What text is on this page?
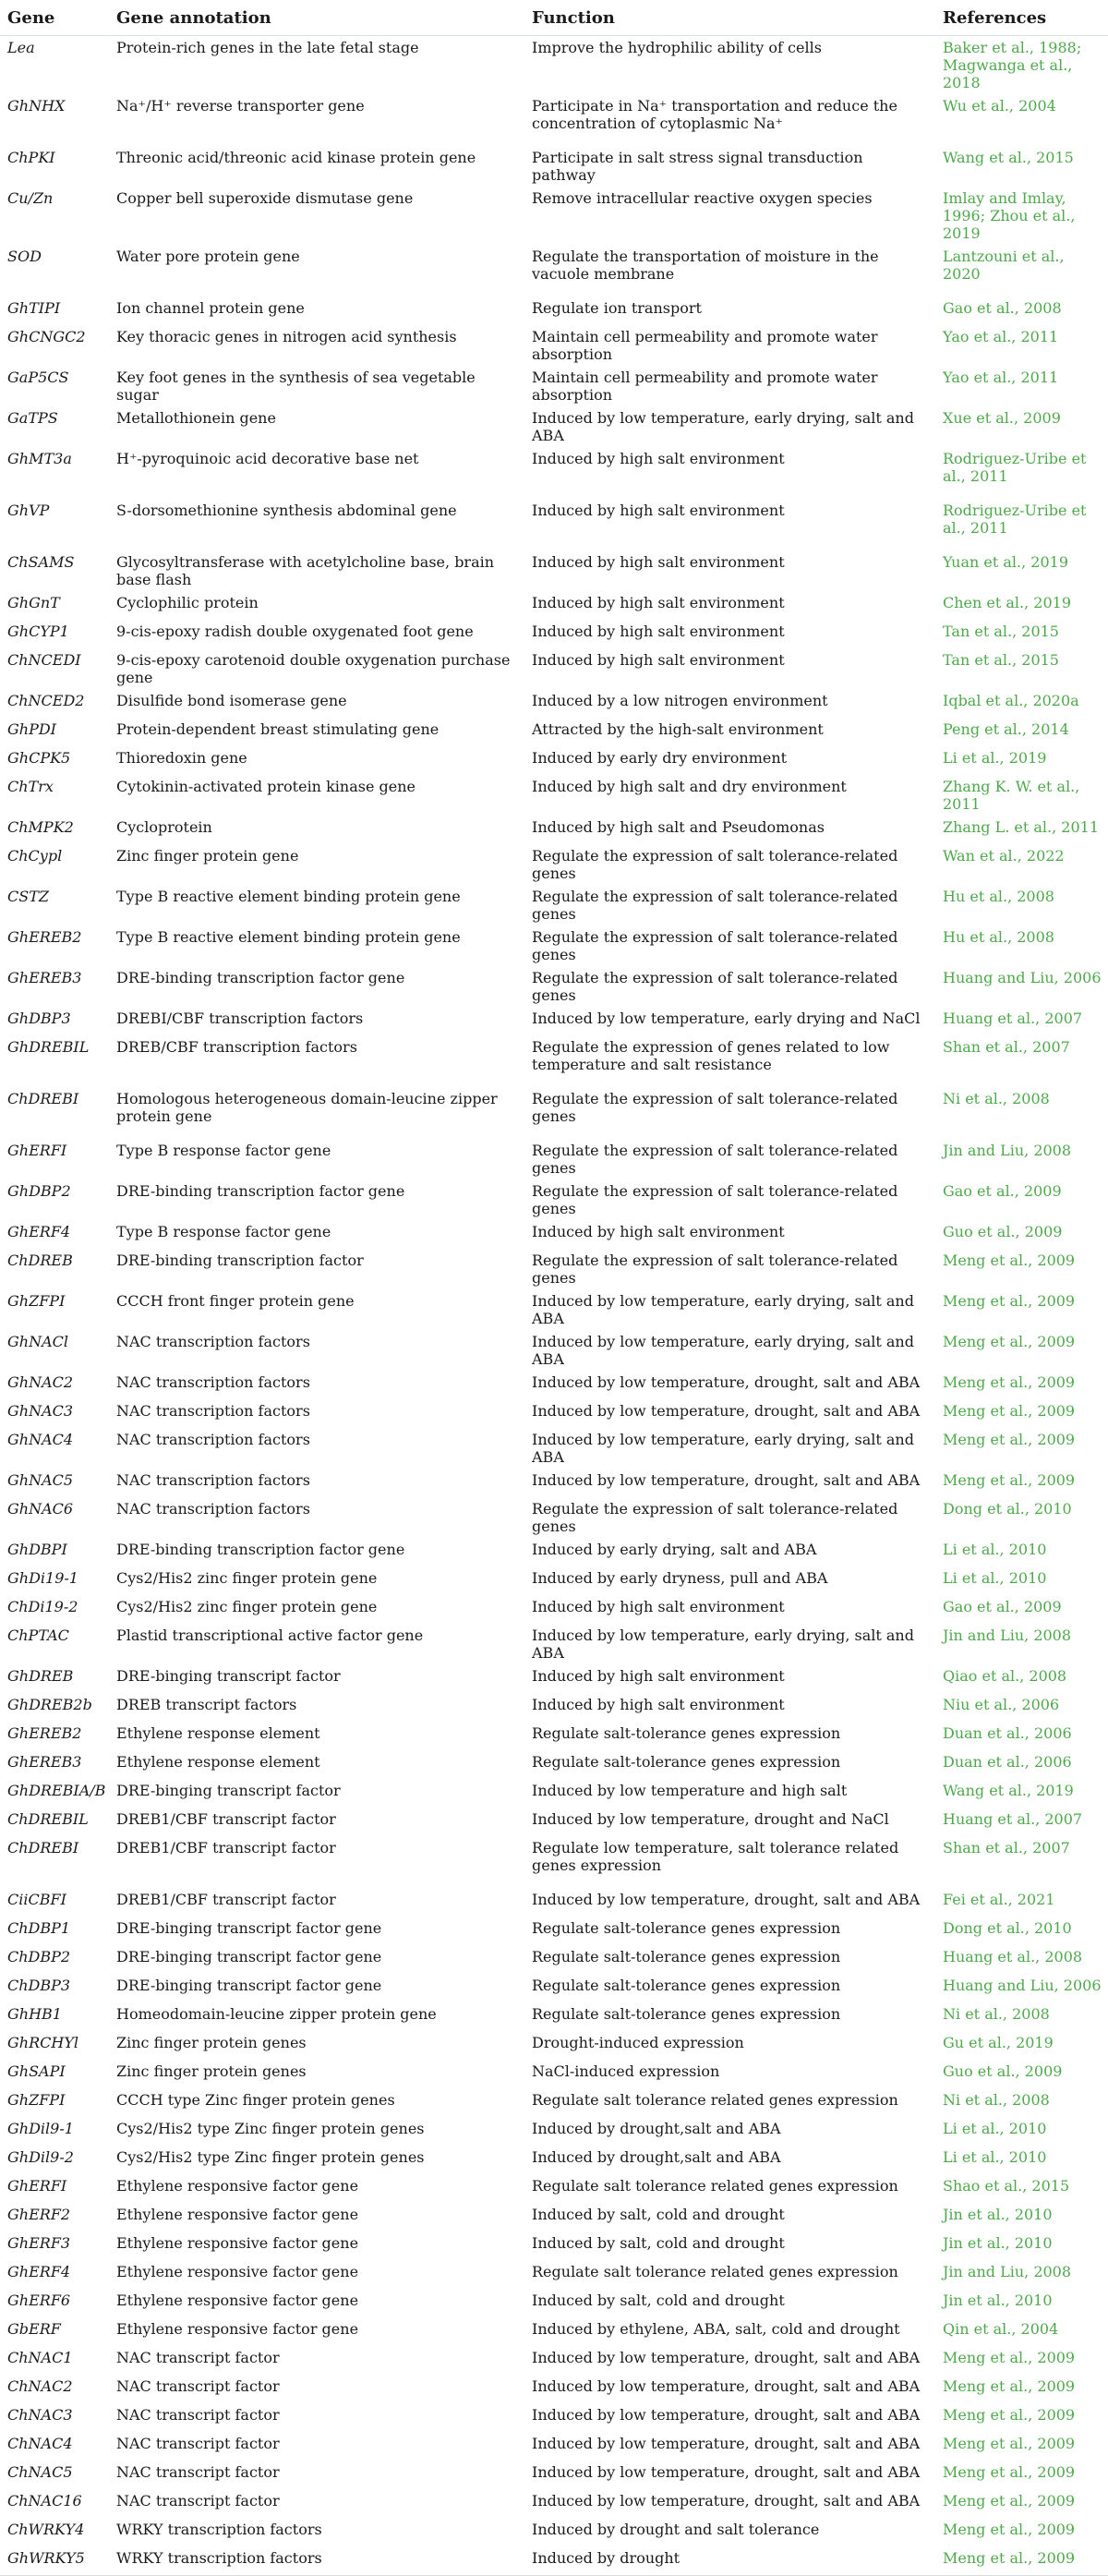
Gene	Gene annotation	Function	References
Lea	Protein-rich genes in the late fetal stage	Improve the hydrophilic ability of cells	Baker et al., 1988; Magwanga et al., 2018
GhNHX	Na⁺/H⁺ reverse transporter gene	Participate in Na⁺ transportation and reduce the concentration of cytoplasmic Na⁺	Wu et al., 2004
ChPKI	Threonic acid/threonic acid kinase protein gene	Participate in salt stress signal transduction pathway	Wang et al., 2015
Cu/Zn	Copper bell superoxide dismutase gene	Remove intracellular reactive oxygen species	Imlay and Imlay, 1996; Zhou et al., 2019
SOD	Water pore protein gene	Regulate the transportation of moisture in the vacuole membrane	Lantzouni et al., 2020
GhTIPI	Ion channel protein gene	Regulate ion transport	Gao et al., 2008
GhCNGC2	Key thoracic genes in nitrogen acid synthesis	Maintain cell permeability and promote water absorption	Yao et al., 2011
GaP5CS	Key foot genes in the synthesis of sea vegetable sugar	Maintain cell permeability and promote water absorption	Yao et al., 2011
GaTPS	Metallothionein gene	Induced by low temperature, early drying, salt and ABA	Xue et al., 2009
GhMT3a	H⁺-pyroquinoic acid decorative base net	Induced by high salt environment	Rodriguez-Uribe et al., 2011
GhVP	S-dorsomethionine synthesis abdominal gene	Induced by high salt environment	Rodriguez-Uribe et al., 2011
ChSAMS	Glycosyltransferase with acetylcholine base, brain base flash	Induced by high salt environment	Yuan et al., 2019
GhGnT	Cyclophilic protein	Induced by high salt environment	Chen et al., 2019
GhCYP1	9-cis-epoxy radish double oxygenated foot gene	Induced by high salt environment	Tan et al., 2015
ChNCEDI	9-cis-epoxy carotenoid double oxygenation purchase gene	Induced by high salt environment	Tan et al., 2015
ChNCED2	Disulfide bond isomerase gene	Induced by a low nitrogen environment	Iqbal et al., 2020a
GhPDI	Protein-dependent breast stimulating gene	Attracted by the high-salt environment	Peng et al., 2014
GhCPK5	Thioredoxin gene	Induced by early dry environment	Li et al., 2019
ChTrx	Cytokinin-activated protein kinase gene	Induced by high salt and dry environment	Zhang K. W. et al., 2011
ChMPK2	Cycloprotein	Induced by high salt and Pseudomonas	Zhang L. et al., 2011
ChCypl	Zinc finger protein gene	Regulate the expression of salt tolerance-related genes	Wan et al., 2022
CSTZ	Type B reactive element binding protein gene	Regulate the expression of salt tolerance-related genes	Hu et al., 2008
GhEREB2	Type B reactive element binding protein gene	Regulate the expression of salt tolerance-related genes	Hu et al., 2008
GhEREB3	DRE-binding transcription factor gene	Regulate the expression of salt tolerance-related genes	Huang and Liu, 2006
GhDBP3	DREBI/CBF transcription factors	Induced by low temperature, early drying and NaCl	Huang et al., 2007
GhDREBIL	DREB/CBF transcription factors	Regulate the expression of genes related to low temperature and salt resistance	Shan et al., 2007
ChDREBI	Homologous heterogeneous domain-leucine zipper protein gene	Regulate the expression of salt tolerance-related genes	Ni et al., 2008
GhERFI	Type B response factor gene	Regulate the expression of salt tolerance-related genes	Jin and Liu, 2008
GhDBP2	DRE-binding transcription factor gene	Regulate the expression of salt tolerance-related genes	Gao et al., 2009
GhERF4	Type B response factor gene	Induced by high salt environment	Guo et al., 2009
ChDREB	DRE-binding transcription factor	Regulate the expression of salt tolerance-related genes	Meng et al., 2009
GhZFPI	CCCH front finger protein gene	Induced by low temperature, early drying, salt and ABA	Meng et al., 2009
GhNACl	NAC transcription factors	Induced by low temperature, early drying, salt and ABA	Meng et al., 2009
GhNAC2	NAC transcription factors	Induced by low temperature, drought, salt and ABA	Meng et al., 2009
GhNAC3	NAC transcription factors	Induced by low temperature, drought, salt and ABA	Meng et al., 2009
GhNAC4	NAC transcription factors	Induced by low temperature, early drying, salt and ABA	Meng et al., 2009
GhNAC5	NAC transcription factors	Induced by low temperature, drought, salt and ABA	Meng et al., 2009
GhNAC6	NAC transcription factors	Regulate the expression of salt tolerance-related genes	Dong et al., 2010
GhDBPI	DRE-binding transcription factor gene	Induced by early drying, salt and ABA	Li et al., 2010
GhDi19-1	Cys2/His2 zinc finger protein gene	Induced by early dryness, pull and ABA	Li et al., 2010
ChDi19-2	Cys2/His2 zinc finger protein gene	Induced by high salt environment	Gao et al., 2009
ChPTAC	Plastid transcriptional active factor gene	Induced by low temperature, early drying, salt and ABA	Jin and Liu, 2008
GhDREB	DRE-binging transcript factor	Induced by high salt environment	Qiao et al., 2008
GhDREB2b	DREB transcript factors	Induced by high salt environment	Niu et al., 2006
GhEREB2	Ethylene response element	Regulate salt-tolerance genes expression	Duan et al., 2006
GhEREB3	Ethylene response element	Regulate salt-tolerance genes expression	Duan et al., 2006
GhDREBIA/B	DRE-binging transcript factor	Induced by low temperature and high salt	Wang et al., 2019
ChDREBIL	DREB1/CBF transcript factor	Induced by low temperature, drought and NaCl	Huang et al., 2007
ChDREBI	DREB1/CBF transcript factor	Regulate low temperature, salt tolerance related genes expression	Shan et al., 2007
CiiCBFI	DREB1/CBF transcript factor	Induced by low temperature, drought, salt and ABA	Fei et al., 2021
ChDBP1	DRE-binging transcript factor gene	Regulate salt-tolerance genes expression	Dong et al., 2010
ChDBP2	DRE-binging transcript factor gene	Regulate salt-tolerance genes expression	Huang et al., 2008
ChDBP3	DRE-binging transcript factor gene	Regulate salt-tolerance genes expression	Huang and Liu, 2006
GhHB1	Homeodomain-leucine zipper protein gene	Regulate salt-tolerance genes expression	Ni et al., 2008
GhRCHYl	Zinc finger protein genes	Drought-induced expression	Gu et al., 2019
GhSAPI	Zinc finger protein genes	NaCl-induced expression	Guo et al., 2009
GhZFPI	CCCH type Zinc finger protein genes	Regulate salt tolerance related genes expression	Ni et al., 2008
GhDil9-1	Cys2/His2 type Zinc finger protein genes	Induced by drought,salt and ABA	Li et al., 2010
GhDil9-2	Cys2/His2 type Zinc finger protein genes	Induced by drought,salt and ABA	Li et al., 2010
GhERFI	Ethylene responsive factor gene	Regulate salt tolerance related genes expression	Shao et al., 2015
GhERF2	Ethylene responsive factor gene	Induced by salt, cold and drought	Jin et al., 2010
GhERF3	Ethylene responsive factor gene	Induced by salt, cold and drought	Jin et al., 2010
GhERF4	Ethylene responsive factor gene	Regulate salt tolerance related genes expression	Jin and Liu, 2008
GhERF6	Ethylene responsive factor gene	Induced by salt, cold and drought	Jin et al., 2010
GbERF	Ethylene responsive factor gene	Induced by ethylene, ABA, salt, cold and drought	Qin et al., 2004
ChNAC1	NAC transcript factor	Induced by low temperature, drought, salt and ABA	Meng et al., 2009
ChNAC2	NAC transcript factor	Induced by low temperature, drought, salt and ABA	Meng et al., 2009
ChNAC3	NAC transcript factor	Induced by low temperature, drought, salt and ABA	Meng et al., 2009
ChNAC4	NAC transcript factor	Induced by low temperature, drought, salt and ABA	Meng et al., 2009
ChNAC5	NAC transcript factor	Induced by low temperature, drought, salt and ABA	Meng et al., 2009
ChNAC16	NAC transcript factor	Induced by low temperature, drought, salt and ABA	Meng et al., 2009
ChWRKY4	WRKY transcription factors	Induced by drought and salt tolerance	Meng et al., 2009
GhWRKY5	WRKY transcription factors	Induced by drought	Meng et al., 2009
